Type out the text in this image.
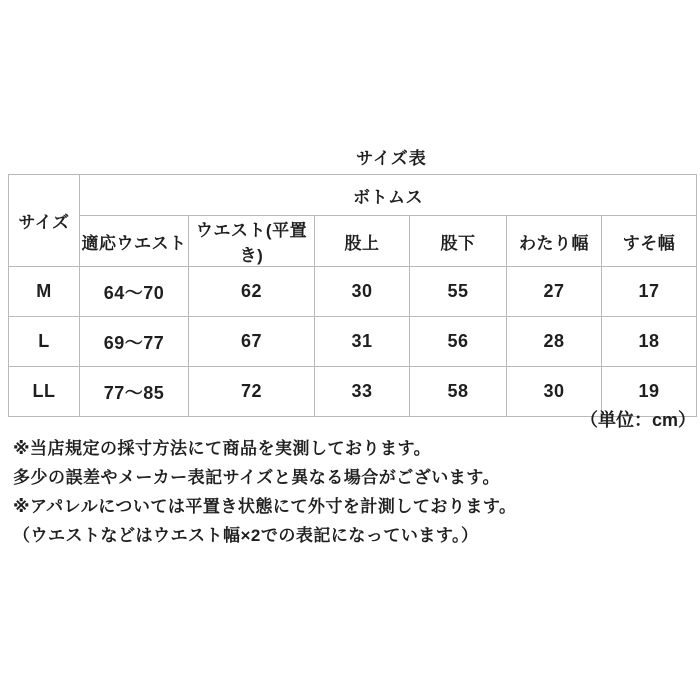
サイズ表
サイズ	ボトムス					
	適応ウエスト	ウエスト(平置き)	股上	股下	わたり幅	すそ幅
M	64～70	62	30	55	27	17
L	69～77	67	31	56	28	18
LL	77～85	72	33	58	30	19
（単位：cm）
※当店規定の採寸方法にて商品を実測しております。
多少の誤差やメーカー表記サイズと異なる場合がございます。
※アパレルについては平置き状態にて外寸を計測しております。
（ウエストなどはウエスト幅×2での表記になっています。）
